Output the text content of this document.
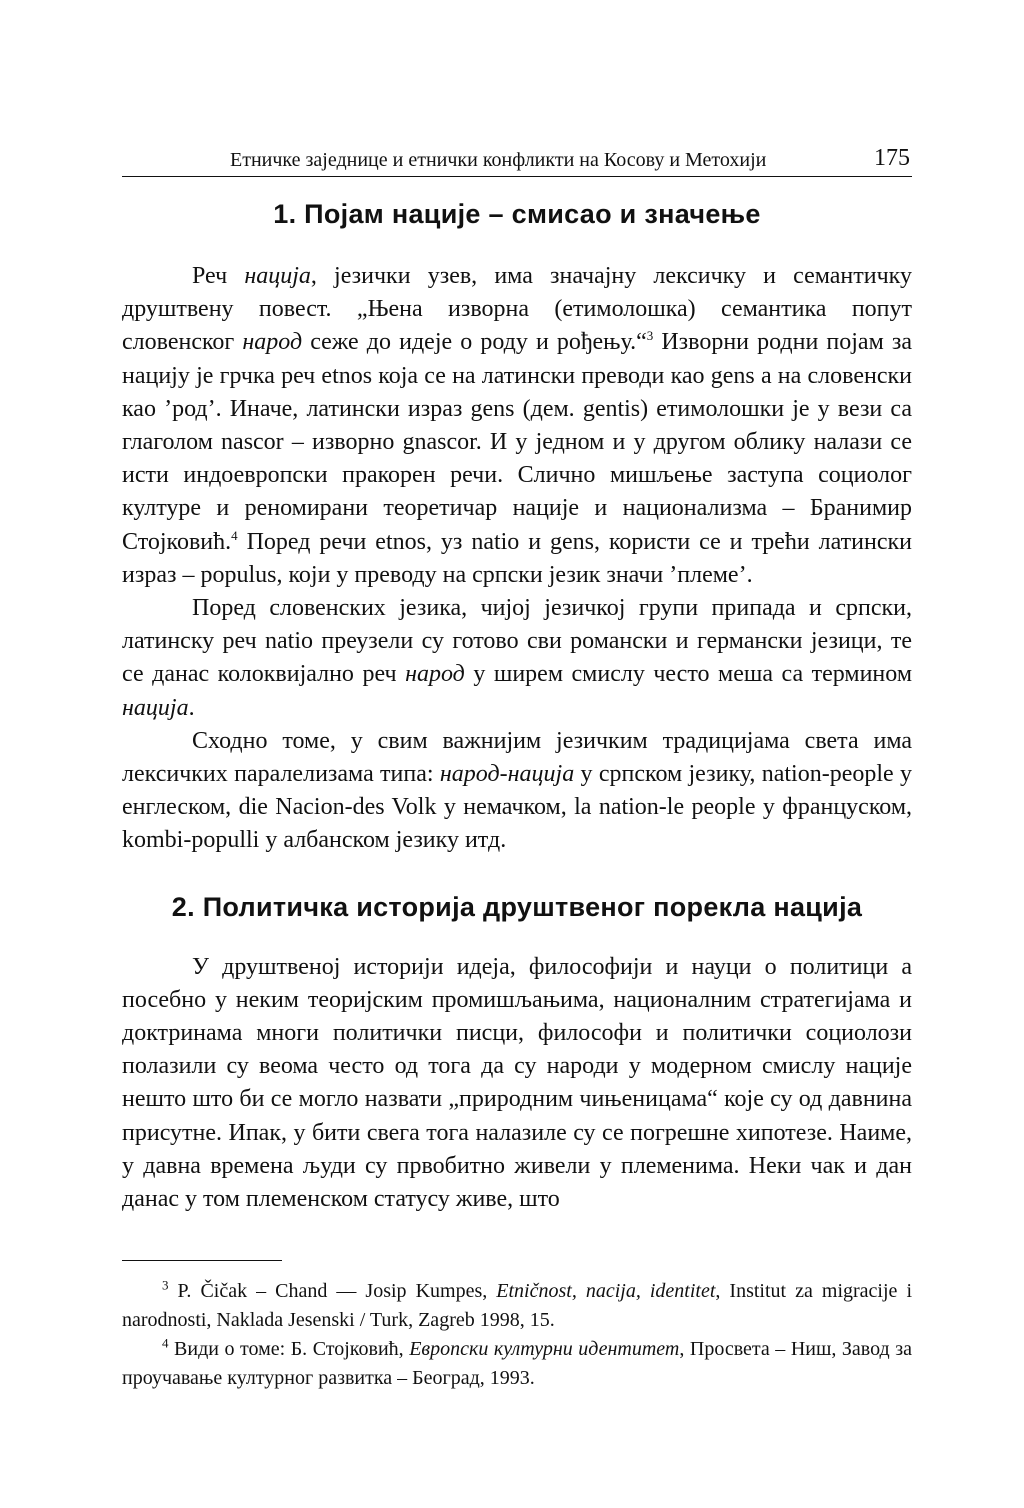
Етничке заједнице и етнички конфликти на Косову и Метохији	175
1. Појам нације – смисао и значење

Реч нација, језички узев, има значајну лексичку и семантичку друштвену повест. „Њена изворна (етимолошка) семантика попут словенског народ сеже до идеје о роду и рођењу.“$^3$ Изворни родни појам за нацију је грчка реч etnos која се на латински преводи као gens а на словенски као ’род’. Иначе, латински израз gens (дем. gentis) етимолошки је у вези са глаголом nascor – изворно gnascor. И у једном и у другом облику налази се исти индоевропски пракорен речи. Слично мишљење заступа социолог културе и реномирани теоретичар нације и национализма – Бранимир Стојковић.$^4$ Поред речи etnos, уз natio и gens, користи се и трећи латински израз – populus, који у преводу на српски језик значи ’племе’.

Поред словенских језика, чијој језичкој групи припада и српски, латинску реч natio преузели су готово сви романски и германски језици, те се данас колоквијално реч народ у ширем смислу често меша са термином нација.

Сходно томе, у свим важнијим језичким традицијама света има лексичких паралелизама типа: народ-нација у српском језику, nation-people у енглеском, die Nacion-des Volk у немачком, la nation-le people у француском, kombi-populli у албанском језику итд.

2. Политичка историја друштвеног порекла нација

У друштвеној историји идеја, философији и науци о политици а посебно у неким теоријским промишљањима, националним стратегијама и доктринама многи политички писци, философи и политички социолози полазили су веома често од тога да су народи у модерном смислу нације нешто што би се могло назвати „природним чињеницама“ које су од давнина присутне. Ипак, у бити свега тога налазиле су се погрешне хипотезе. Наиме, у давна времена људи су првобитно живели у племенима. Неки чак и дан данас у том племенском статусу живе, што

$^3$ P. Čičak – Chand — Josip Kumpes, Etničnost, nacija, identitet, Institut za migracije i narodnosti, Naklada Jesenski / Turk, Zagreb 1998, 15.
$^4$ Види о томе: Б. Стојковић, Европски културни идентитет, Просвета – Ниш, Завод за проучавање културног развитка – Београд, 1993.
